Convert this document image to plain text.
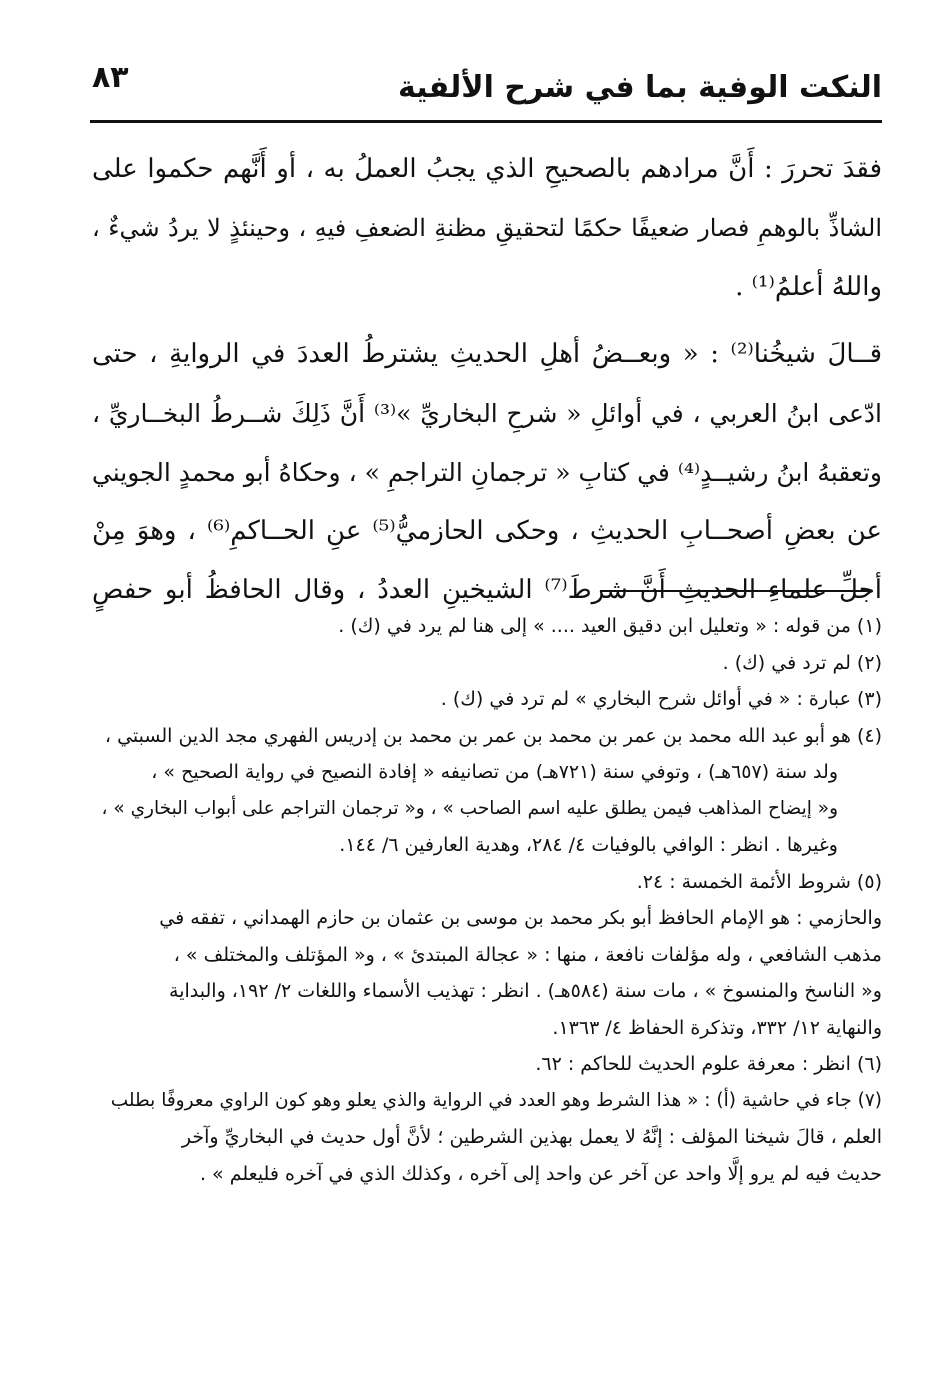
النكت الوفية بما في شرح الألفية
٨٣
فقدَ تحررَ : أَنَّ مرادهم بالصحيحِ الذي يجبُ العملُ به ، أو أَنَّهم حكموا على
الشاذِّ بالوهمِ فصار ضعيفًا حكمًا لتحقيقِ مظنةِ الضعفِ فيهِ ، وحينئذٍ لا يردُ شيءٌ ،
واللهُ أعلمُ⁽¹⁾ .
قــالَ شيخُنا⁽²⁾ : « وبعــضُ أهلِ الحديثِ يشترطُ العددَ في الروايةِ ، حتى
ادّعى ابنُ العربي ، في أوائلِ « شرحِ البخاريِّ »⁽³⁾ أَنَّ ذَلِكَ شــرطُ البخــاريِّ ،
وتعقبهُ ابنُ رشيــدٍ⁽⁴⁾ في كتابِ « ترجمانِ التراجمِ » ، وحكاهُ أبو محمدٍ الجويني
عن بعضِ أصحــابِ الحديثِ ، وحكى الحازميُّ⁽⁵⁾ عنِ الحــاكمِ⁽⁶⁾ ، وهوَ مِنْ
أجلِّ علماءِ الحديثِ أَنَّ شرطَ⁽⁷⁾ الشيخينِ العددُ ، وقال الحافظُ أبو حفصٍ
(١) من قوله : « وتعليل ابن دقيق العيد .... » إلى هنا لم يرد في (ك) .
(٢) لم ترد في (ك) .
(٣) عبارة : « في أوائل شرح البخاري » لم ترد في (ك) .
(٤) هو أبو عبد الله محمد بن عمر بن محمد بن عمر بن محمد بن إدريس الفهري مجد الدين السبتي ،
ولد سنة (٦٥٧هـ) ، وتوفي سنة (٧٢١هـ) من تصانيفه « إفادة النصيح في رواية الصحيح » ،
و« إيضاح المذاهب فيمن يطلق عليه اسم الصاحب » ، و« ترجمان التراجم على أبواب البخاري » ،
وغيرها . انظر : الوافي بالوفيات ٤/ ٢٨٤، وهدية العارفين ٦/ ١٤٤.
(٥) شروط الأئمة الخمسة : ٢٤.
والحازمي : هو الإمام الحافظ أبو بكر محمد بن موسى بن عثمان بن حازم الهمداني ، تفقه في
مذهب الشافعي ، وله مؤلفات نافعة ، منها : « عجالة المبتدئ » ، و« المؤتلف والمختلف » ،
و« الناسخ والمنسوخ » ، مات سنة (٥٨٤هـ) . انظر : تهذيب الأسماء واللغات ٢/ ١٩٢، والبداية
والنهاية ١٢/ ٣٣٢، وتذكرة الحفاظ ٤/ ١٣٦٣.
(٦) انظر : معرفة علوم الحديث للحاكم : ٦٢.
(٧) جاء في حاشية (أ) : « هذا الشرط وهو العدد في الرواية والذي يعلو وهو كون الراوي معروفًا بطلب
العلم ، قالَ شيخنا المؤلف : إنَّهُ لا يعمل بهذين الشرطين ؛ لأنَّ أول حديث في البخاريِّ وآخر
حديث فيه لم يرو إلَّا واحد عن آخر عن واحد إلى آخره ، وكذلك الذي في آخره فليعلم » .
